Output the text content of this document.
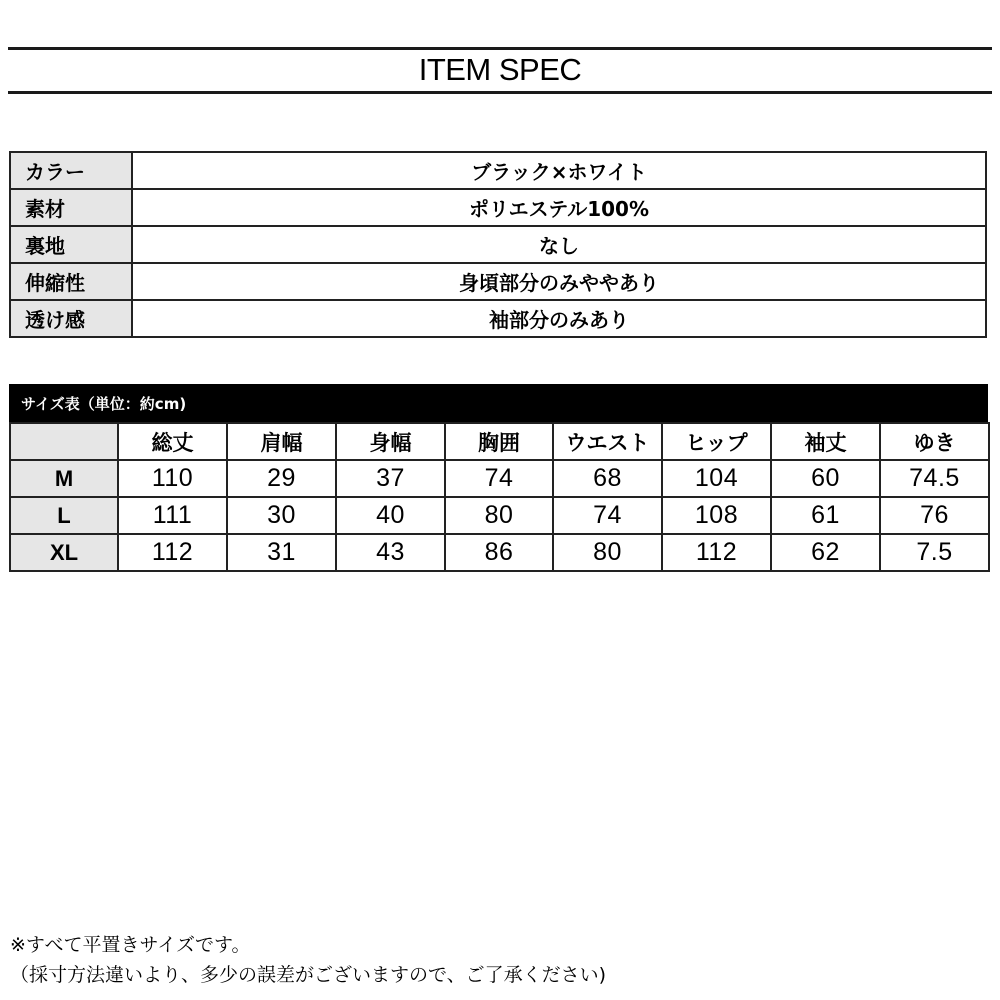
ITEM SPEC
カラー	ブラック×ホワイト
素材	ポリエステル100%
裏地	なし
伸縮性	身頃部分のみややあり
透け感	袖部分のみあり
サイズ表（単位：約cm)
	総丈	肩幅	身幅	胸囲	ウエスト	ヒップ	袖丈	ゆき
M	110	29	37	74	68	104	60	74.5
L	111	30	40	80	74	108	61	76
XL	112	31	43	86	80	112	62	7.5
※すべて平置きサイズです。
（採寸方法違いより、多少の誤差がございますので、ご了承ください)
